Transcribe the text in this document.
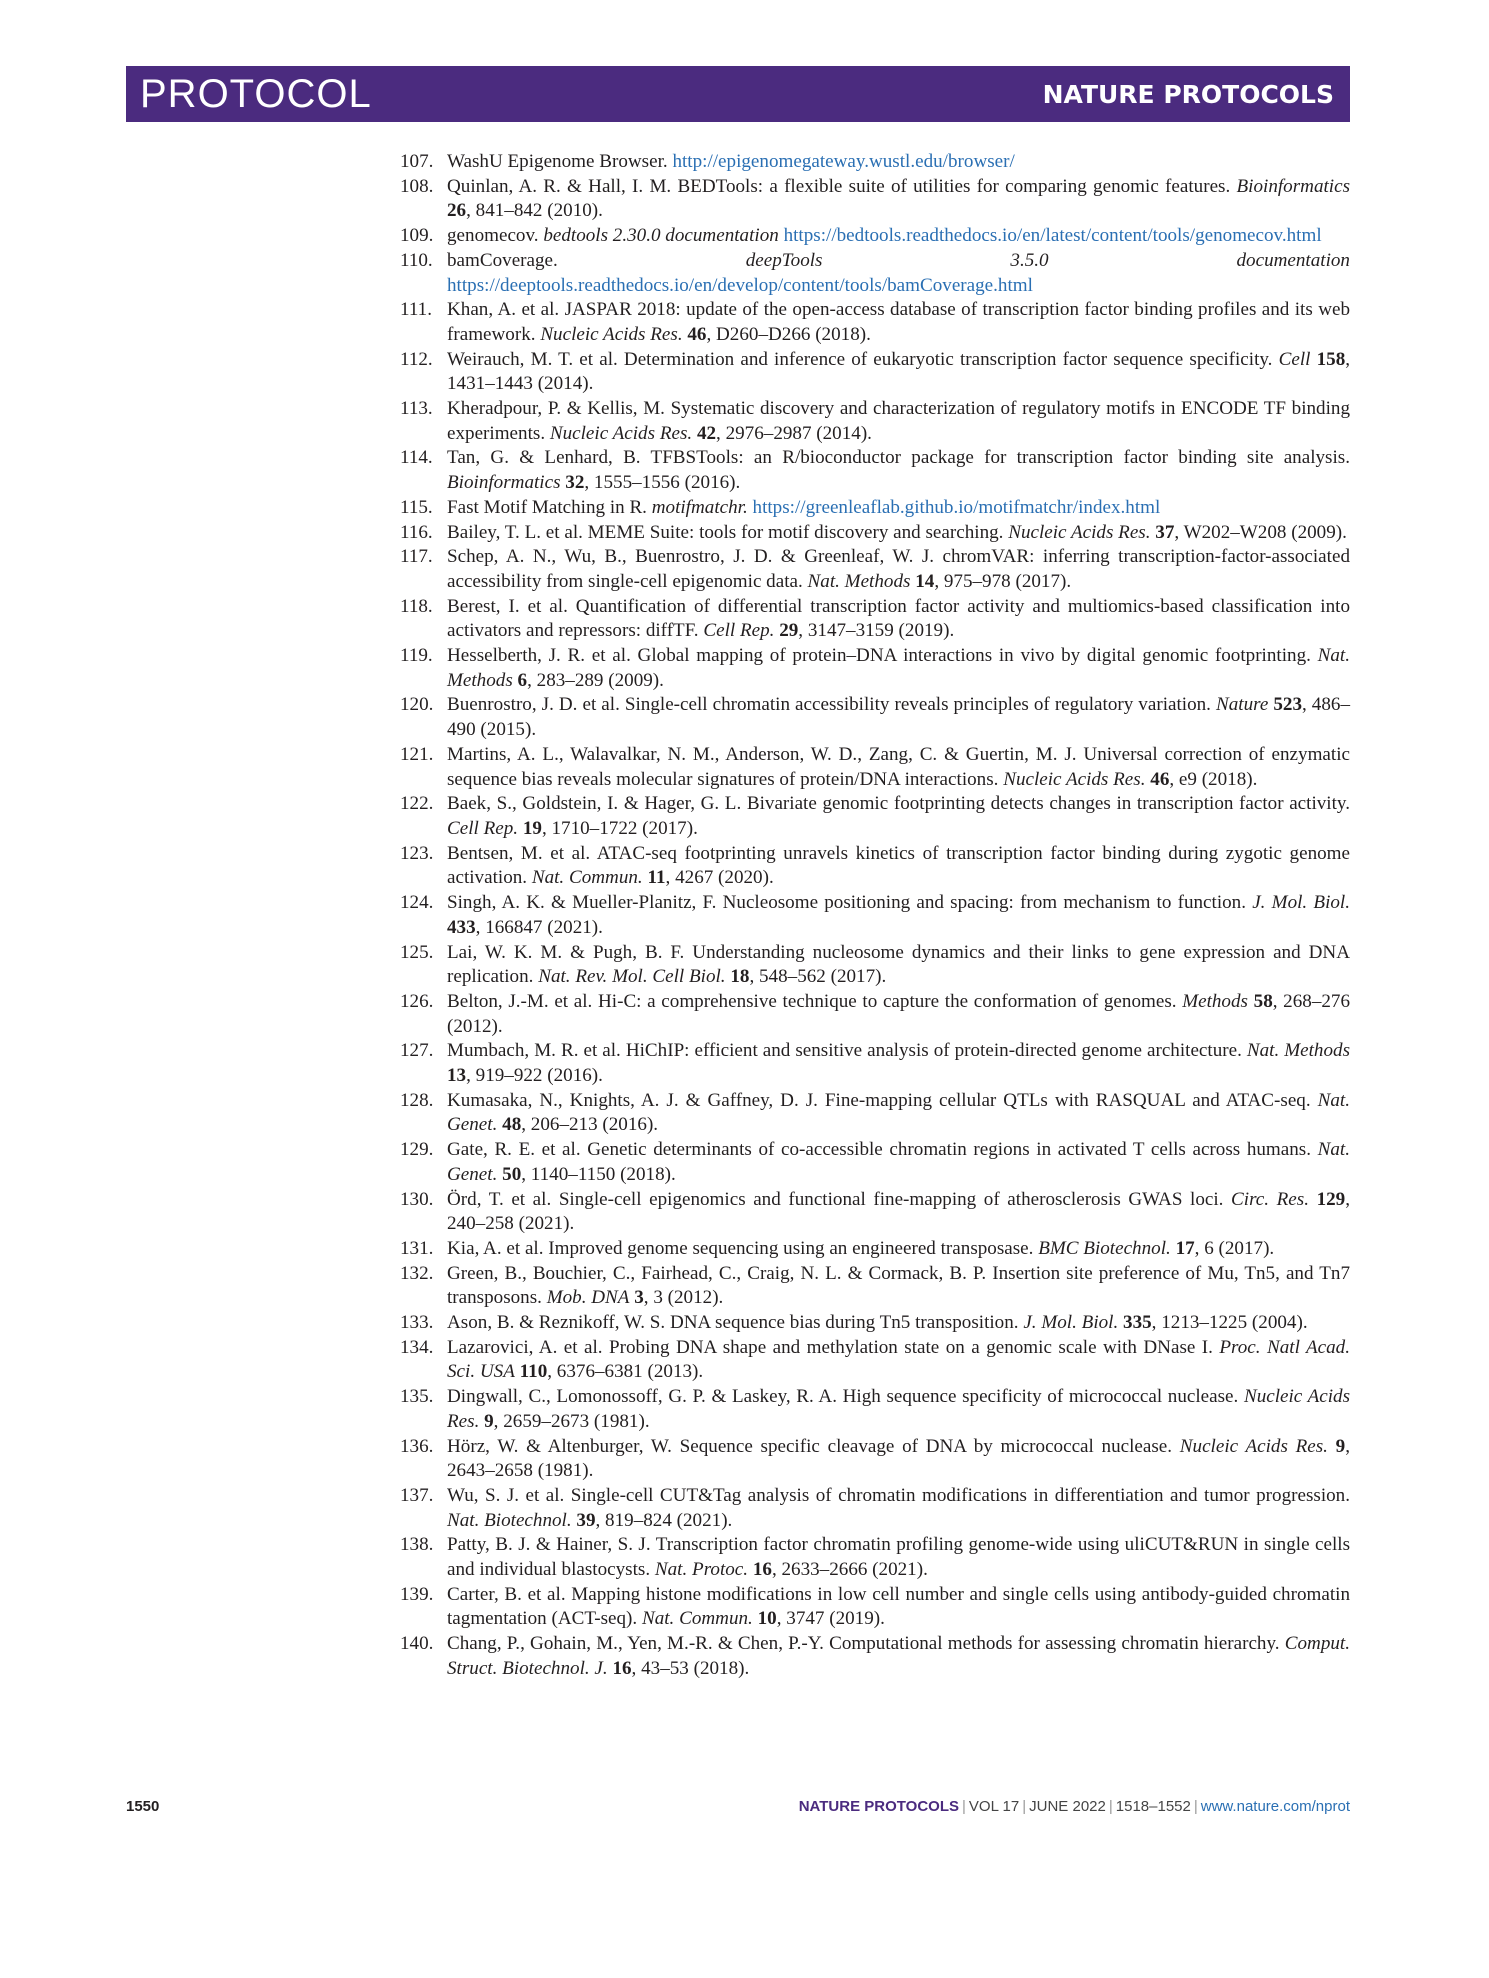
PROTOCOL	NATURE PROTOCOLS
107. WashU Epigenome Browser. http://epigenomegateway.wustl.edu/browser/
108. Quinlan, A. R. & Hall, I. M. BEDTools: a flexible suite of utilities for comparing genomic features. Bioinformatics 26, 841–842 (2010).
109. genomecov. bedtools 2.30.0 documentation https://bedtools.readthedocs.io/en/latest/content/tools/genomecov.html
110. bamCoverage. deepTools 3.5.0 documentation https://deeptools.readthedocs.io/en/develop/content/tools/bamCoverage.html
111. Khan, A. et al. JASPAR 2018: update of the open-access database of transcription factor binding profiles and its web framework. Nucleic Acids Res. 46, D260–D266 (2018).
112. Weirauch, M. T. et al. Determination and inference of eukaryotic transcription factor sequence specificity. Cell 158, 1431–1443 (2014).
113. Kheradpour, P. & Kellis, M. Systematic discovery and characterization of regulatory motifs in ENCODE TF binding experiments. Nucleic Acids Res. 42, 2976–2987 (2014).
114. Tan, G. & Lenhard, B. TFBSTools: an R/bioconductor package for transcription factor binding site analysis. Bioinformatics 32, 1555–1556 (2016).
115. Fast Motif Matching in R. motifmatchr. https://greenleaflab.github.io/motifmatchr/index.html
116. Bailey, T. L. et al. MEME Suite: tools for motif discovery and searching. Nucleic Acids Res. 37, W202–W208 (2009).
117. Schep, A. N., Wu, B., Buenrostro, J. D. & Greenleaf, W. J. chromVAR: inferring transcription-factor-associated accessibility from single-cell epigenomic data. Nat. Methods 14, 975–978 (2017).
118. Berest, I. et al. Quantification of differential transcription factor activity and multiomics-based classification into activators and repressors: diffTF. Cell Rep. 29, 3147–3159 (2019).
119. Hesselberth, J. R. et al. Global mapping of protein–DNA interactions in vivo by digital genomic footprinting. Nat. Methods 6, 283–289 (2009).
120. Buenrostro, J. D. et al. Single-cell chromatin accessibility reveals principles of regulatory variation. Nature 523, 486–490 (2015).
121. Martins, A. L., Walavalkar, N. M., Anderson, W. D., Zang, C. & Guertin, M. J. Universal correction of enzymatic sequence bias reveals molecular signatures of protein/DNA interactions. Nucleic Acids Res. 46, e9 (2018).
122. Baek, S., Goldstein, I. & Hager, G. L. Bivariate genomic footprinting detects changes in transcription factor activity. Cell Rep. 19, 1710–1722 (2017).
123. Bentsen, M. et al. ATAC-seq footprinting unravels kinetics of transcription factor binding during zygotic genome activation. Nat. Commun. 11, 4267 (2020).
124. Singh, A. K. & Mueller-Planitz, F. Nucleosome positioning and spacing: from mechanism to function. J. Mol. Biol. 433, 166847 (2021).
125. Lai, W. K. M. & Pugh, B. F. Understanding nucleosome dynamics and their links to gene expression and DNA replication. Nat. Rev. Mol. Cell Biol. 18, 548–562 (2017).
126. Belton, J.-M. et al. Hi-C: a comprehensive technique to capture the conformation of genomes. Methods 58, 268–276 (2012).
127. Mumbach, M. R. et al. HiChIP: efficient and sensitive analysis of protein-directed genome architecture. Nat. Methods 13, 919–922 (2016).
128. Kumasaka, N., Knights, A. J. & Gaffney, D. J. Fine-mapping cellular QTLs with RASQUAL and ATAC-seq. Nat. Genet. 48, 206–213 (2016).
129. Gate, R. E. et al. Genetic determinants of co-accessible chromatin regions in activated T cells across humans. Nat. Genet. 50, 1140–1150 (2018).
130. Örd, T. et al. Single-cell epigenomics and functional fine-mapping of atherosclerosis GWAS loci. Circ. Res. 129, 240–258 (2021).
131. Kia, A. et al. Improved genome sequencing using an engineered transposase. BMC Biotechnol. 17, 6 (2017).
132. Green, B., Bouchier, C., Fairhead, C., Craig, N. L. & Cormack, B. P. Insertion site preference of Mu, Tn5, and Tn7 transposons. Mob. DNA 3, 3 (2012).
133. Ason, B. & Reznikoff, W. S. DNA sequence bias during Tn5 transposition. J. Mol. Biol. 335, 1213–1225 (2004).
134. Lazarovici, A. et al. Probing DNA shape and methylation state on a genomic scale with DNase I. Proc. Natl Acad. Sci. USA 110, 6376–6381 (2013).
135. Dingwall, C., Lomonossoff, G. P. & Laskey, R. A. High sequence specificity of micrococcal nuclease. Nucleic Acids Res. 9, 2659–2673 (1981).
136. Hörz, W. & Altenburger, W. Sequence specific cleavage of DNA by micrococcal nuclease. Nucleic Acids Res. 9, 2643–2658 (1981).
137. Wu, S. J. et al. Single-cell CUT&Tag analysis of chromatin modifications in differentiation and tumor progression. Nat. Biotechnol. 39, 819–824 (2021).
138. Patty, B. J. & Hainer, S. J. Transcription factor chromatin profiling genome-wide using uliCUT&RUN in single cells and individual blastocysts. Nat. Protoc. 16, 2633–2666 (2021).
139. Carter, B. et al. Mapping histone modifications in low cell number and single cells using antibody-guided chromatin tagmentation (ACT-seq). Nat. Commun. 10, 3747 (2019).
140. Chang, P., Gohain, M., Yen, M.-R. & Chen, P.-Y. Computational methods for assessing chromatin hierarchy. Comput. Struct. Biotechnol. J. 16, 43–53 (2018).
1550	NATURE PROTOCOLS | VOL 17 | JUNE 2022 | 1518–1552 | www.nature.com/nprot
